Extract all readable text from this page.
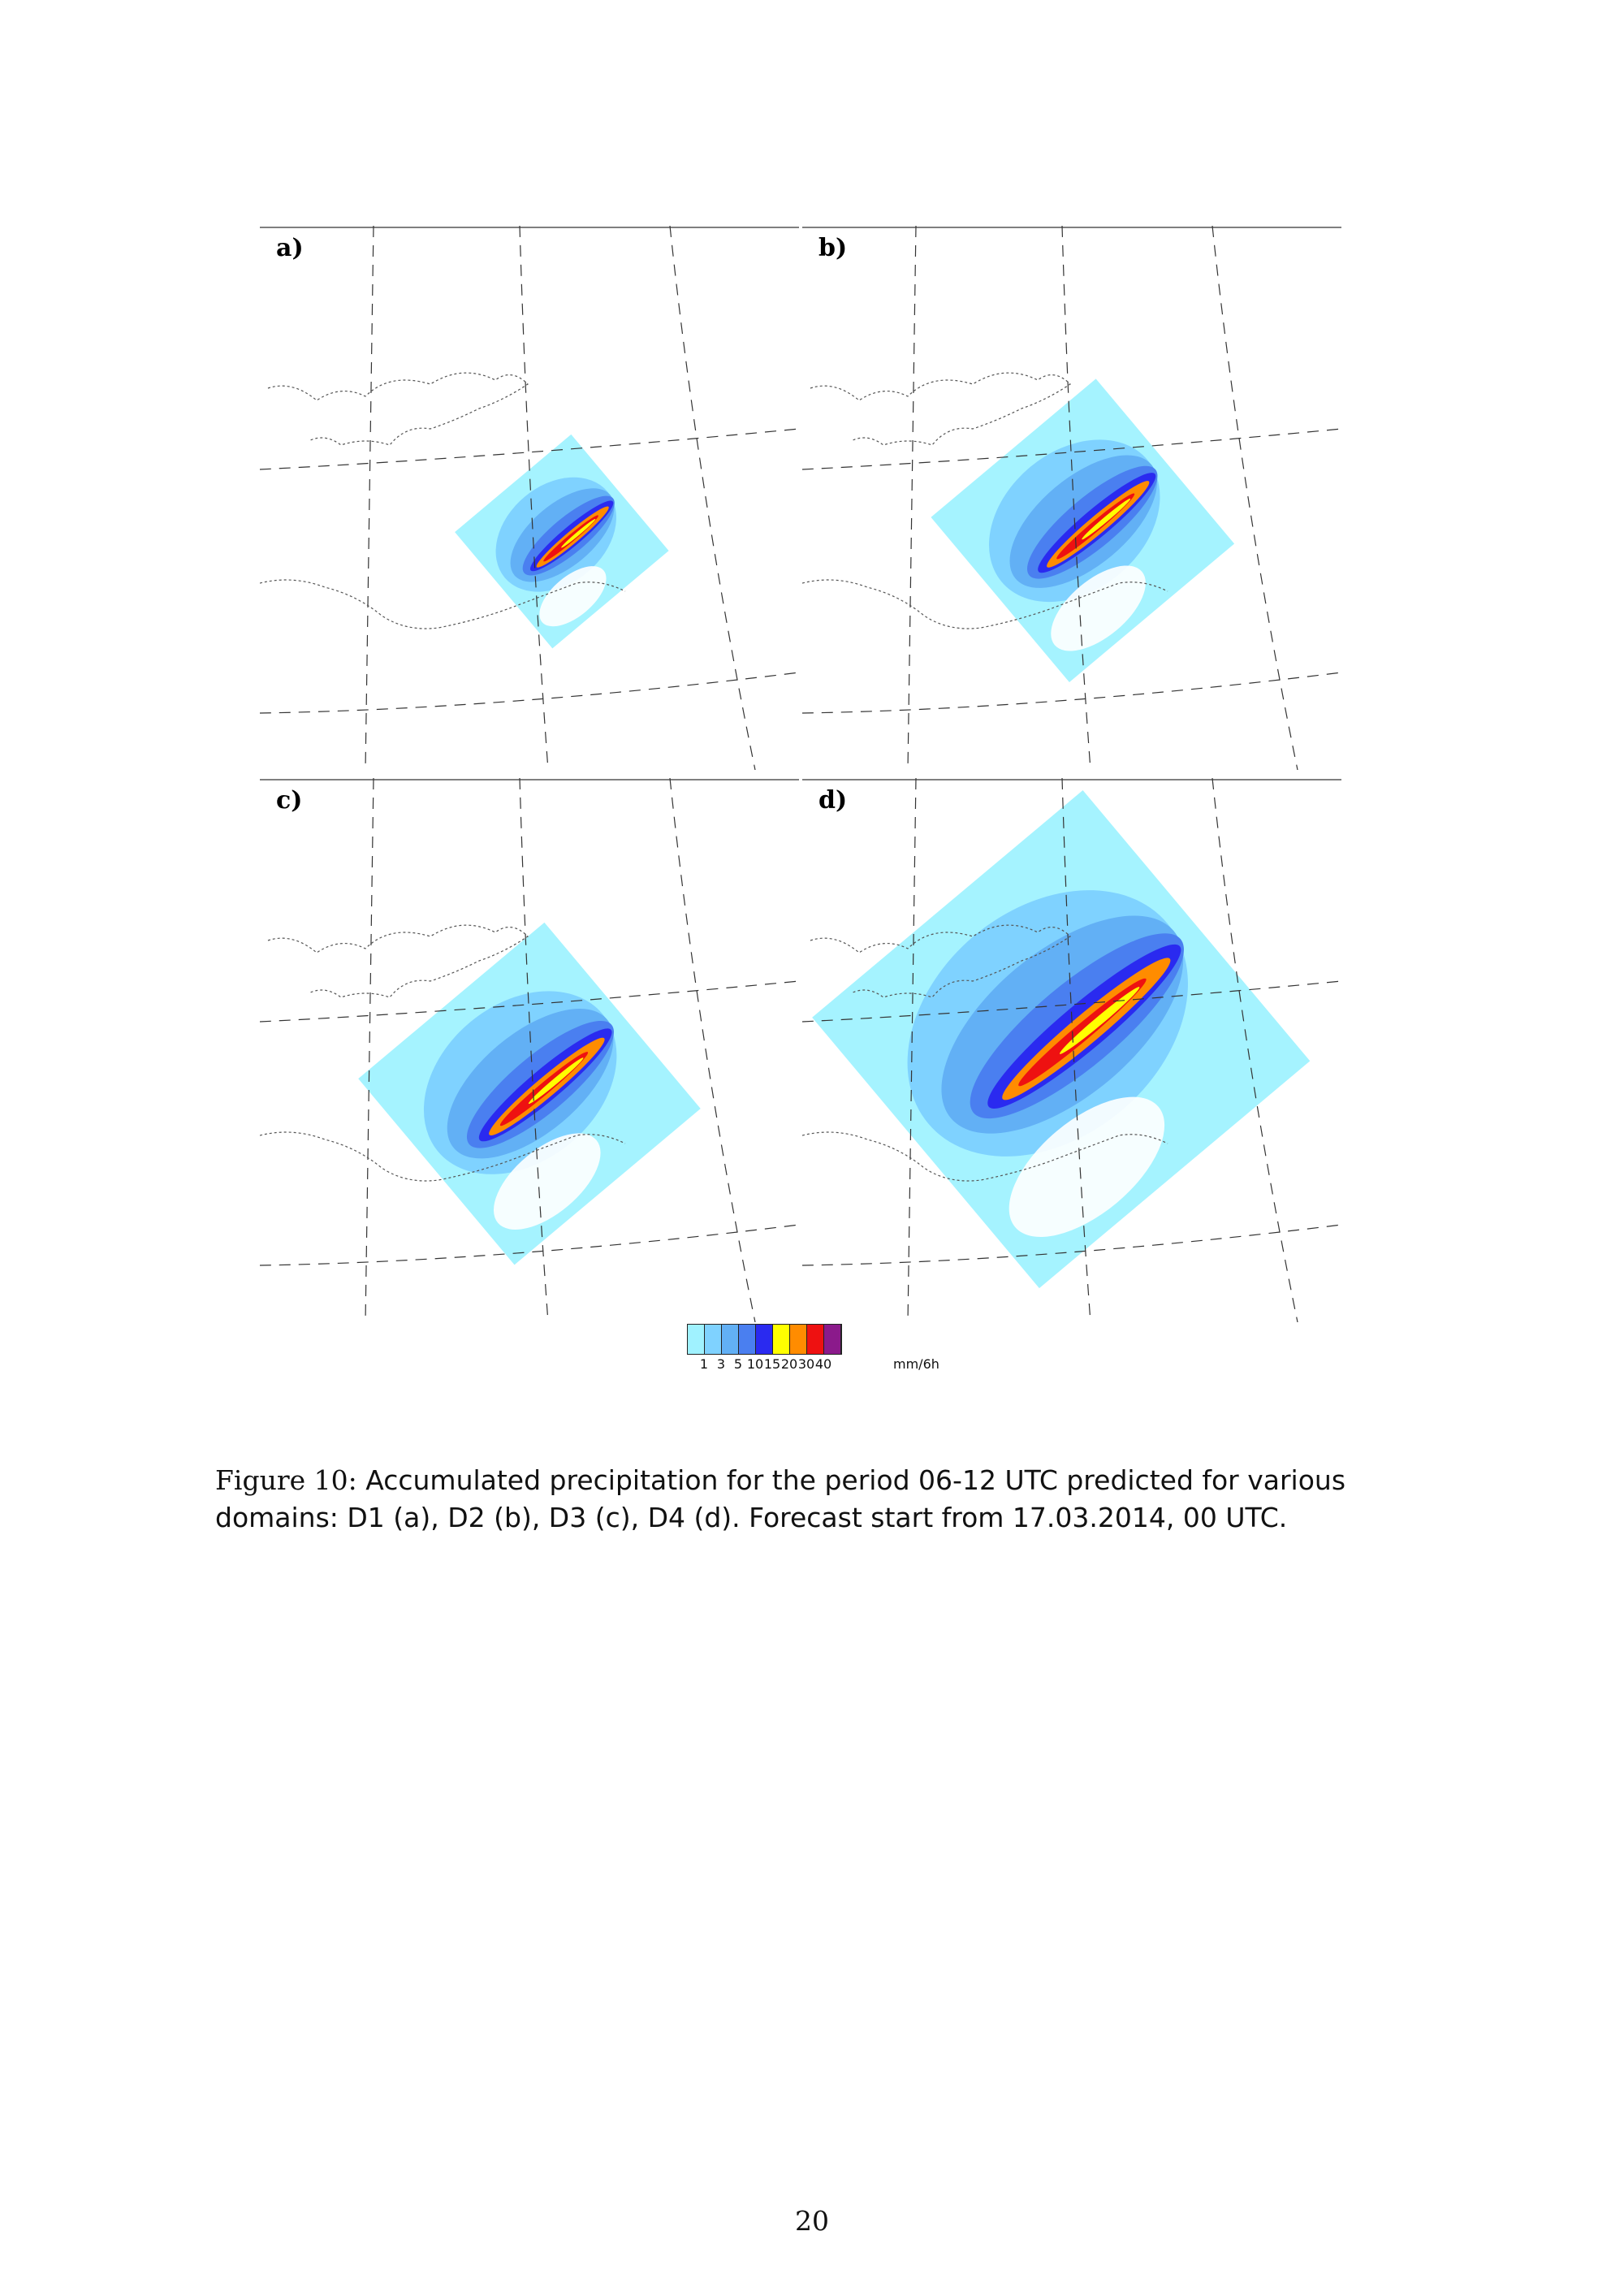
a)	b)
c)	d)
1 3 5 10 15 20 30 40	mm/6h
Figure 10: Accumulated precipitation for the period 06-12 UTC predicted for various domains: D1 (a), D2 (b), D3 (c), D4 (d). Forecast start from 17.03.2014, 00 UTC.
20
